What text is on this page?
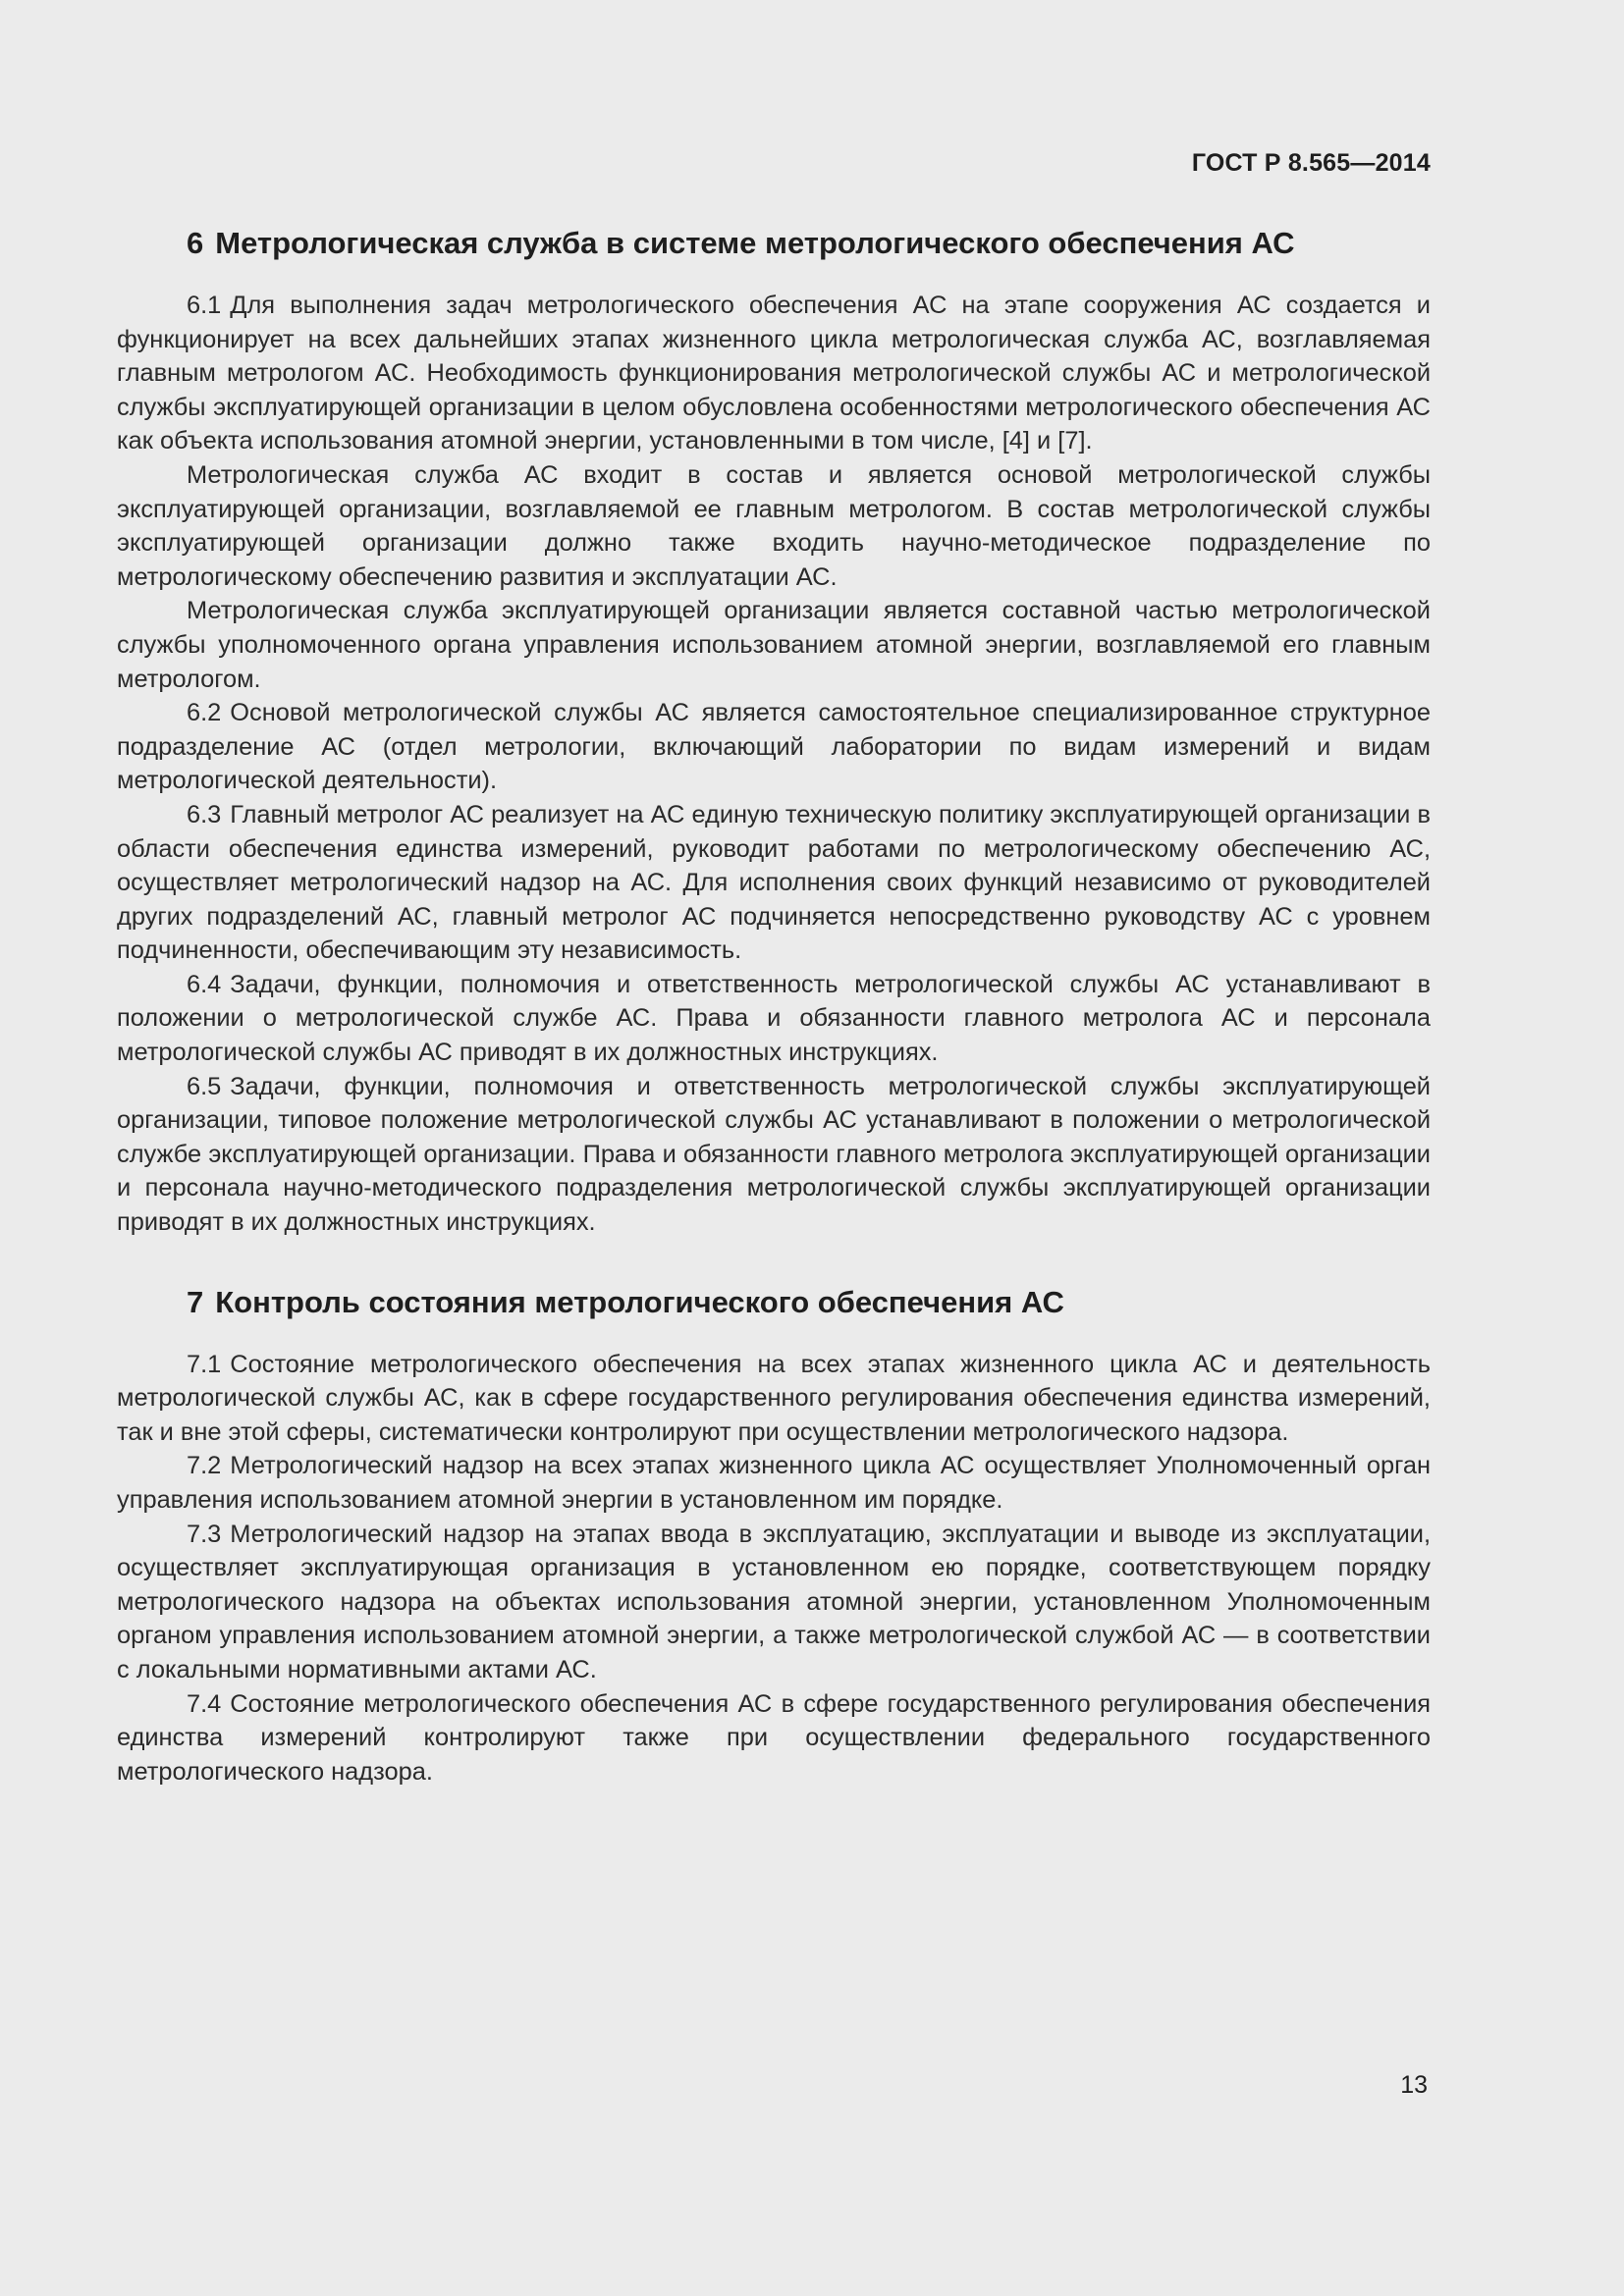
ГОСТ Р 8.565—2014
6 Метрологическая служба в системе метрологического обеспечения АС

6.1 Для выполнения задач метрологического обеспечения АС на этапе сооружения АС создается и функционирует на всех дальнейших этапах жизненного цикла метрологическая служба АС, возглавляемая главным метрологом АС. Необходимость функционирования метрологической службы АС и метрологической службы эксплуатирующей организации в целом обусловлена особенностями метрологического обеспечения АС как объекта использования атомной энергии, установленными в том числе, [4] и [7].

Метрологическая служба АС входит в состав и является основой метрологической службы эксплуатирующей организации, возглавляемой ее главным метрологом. В состав метрологической службы эксплуатирующей организации должно также входить научно-методическое подразделение по метрологическому обеспечению развития и эксплуатации АС.

Метрологическая служба эксплуатирующей организации является составной частью метрологической службы уполномоченного органа управления использованием атомной энергии, возглавляемой его главным метрологом.

6.2 Основой метрологической службы АС является самостоятельное специализированное структурное подразделение АС (отдел метрологии, включающий лаборатории по видам измерений и видам метрологической деятельности).

6.3 Главный метролог АС реализует на АС единую техническую политику эксплуатирующей организации в области обеспечения единства измерений, руководит работами по метрологическому обеспечению АС, осуществляет метрологический надзор на АС. Для исполнения своих функций независимо от руководителей других подразделений АС, главный метролог АС подчиняется непосредственно руководству АС с уровнем подчиненности, обеспечивающим эту независимость.

6.4 Задачи, функции, полномочия и ответственность метрологической службы АС устанавливают в положении о метрологической службе АС. Права и обязанности главного метролога АС и персонала метрологической службы АС приводят в их должностных инструкциях.

6.5 Задачи, функции, полномочия и ответственность метрологической службы эксплуатирующей организации, типовое положение метрологической службы АС устанавливают в положении о метрологической службе эксплуатирующей организации. Права и обязанности главного метролога эксплуатирующей организации и персонала научно-методического подразделения метрологической службы эксплуатирующей организации приводят в их должностных инструкциях.

7 Контроль состояния метрологического обеспечения АС

7.1 Состояние метрологического обеспечения на всех этапах жизненного цикла АС и деятельность метрологической службы АС, как в сфере государственного регулирования обеспечения единства измерений, так и вне этой сферы, систематически контролируют при осуществлении метрологического надзора.

7.2 Метрологический надзор на всех этапах жизненного цикла АС осуществляет Уполномоченный орган управления использованием атомной энергии в установленном им порядке.

7.3 Метрологический надзор на этапах ввода в эксплуатацию, эксплуатации и выводе из эксплуатации, осуществляет эксплуатирующая организация в установленном ею порядке, соответствующем порядку метрологического надзора на объектах использования атомной энергии, установленном Уполномоченным органом управления использованием атомной энергии, а также метрологической службой АС — в соответствии с локальными нормативными актами АС.

7.4 Состояние метрологического обеспечения АС в сфере государственного регулирования обеспечения единства измерений контролируют также при осуществлении федерального государственного метрологического надзора.

13
